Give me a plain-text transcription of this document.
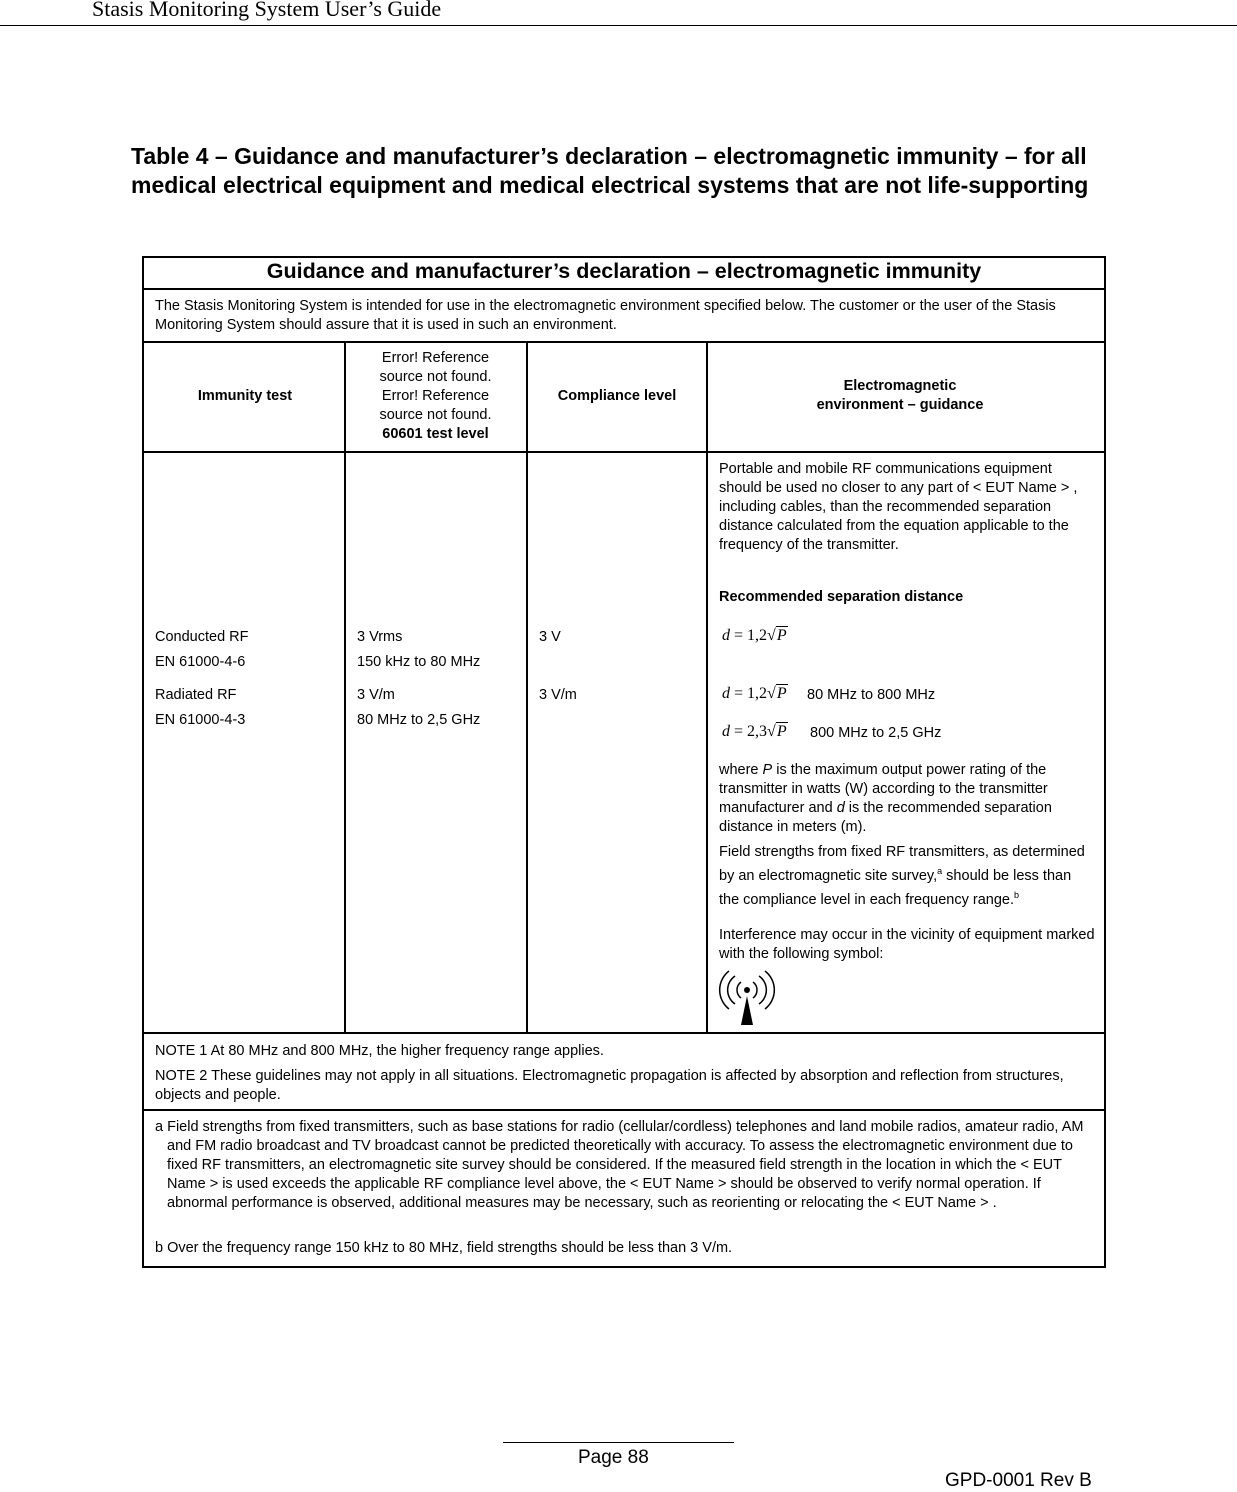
Stasis Monitoring System User’s Guide
Table 4 – Guidance and manufacturer’s declaration – electromagnetic immunity – for all medical electrical equipment and medical electrical systems that are not life-supporting
Guidance and manufacturer’s declaration – electromagnetic immunity
The Stasis Monitoring System is intended for use in the electromagnetic environment specified below. The customer or the user of the Stasis Monitoring System should assure that it is used in such an environment.
Immunity test
Error! Reference source not found. Error! Reference source not found.
60601 test level
Compliance level
Electromagnetic environment – guidance
Portable and mobile RF communications equipment should be used no closer to any part of < EUT Name > , including cables, than the recommended separation distance calculated from the equation applicable to the frequency of the transmitter.
Recommended separation distance
Conducted RF
EN 61000-4-6
3 Vrms
150 kHz to 80 MHz
3 V
Radiated RF
EN 61000-4-3
3 V/m
80 MHz to 2,5 GHz
3 V/m
d = 1,2√P
d = 1,2√P 80 MHz to 800 MHz
d = 2,3√P 800 MHz to 2,5 GHz
where P is the maximum output power rating of the transmitter in watts (W) according to the transmitter manufacturer and d is the recommended separation distance in meters (m).
Field strengths from fixed RF transmitters, as determined by an electromagnetic site survey,$^a$ should be less than the compliance level in each frequency range.$^b$
Interference may occur in the vicinity of equipment marked with the following symbol:
NOTE 1 At 80 MHz and 800 MHz, the higher frequency range applies.
NOTE 2 These guidelines may not apply in all situations. Electromagnetic propagation is affected by absorption and reflection from structures, objects and people.
a Field strengths from fixed transmitters, such as base stations for radio (cellular/cordless) telephones and land mobile radios, amateur radio, AM and FM radio broadcast and TV broadcast cannot be predicted theoretically with accuracy. To assess the electromagnetic environment due to fixed RF transmitters, an electromagnetic site survey should be considered. If the measured field strength in the location in which the < EUT Name > is used exceeds the applicable RF compliance level above, the < EUT Name > should be observed to verify normal operation. If abnormal performance is observed, additional measures may be necessary, such as reorienting or relocating the < EUT Name > .
b Over the frequency range 150 kHz to 80 MHz, field strengths should be less than 3 V/m.
Page 88
GPD-0001 Rev B
